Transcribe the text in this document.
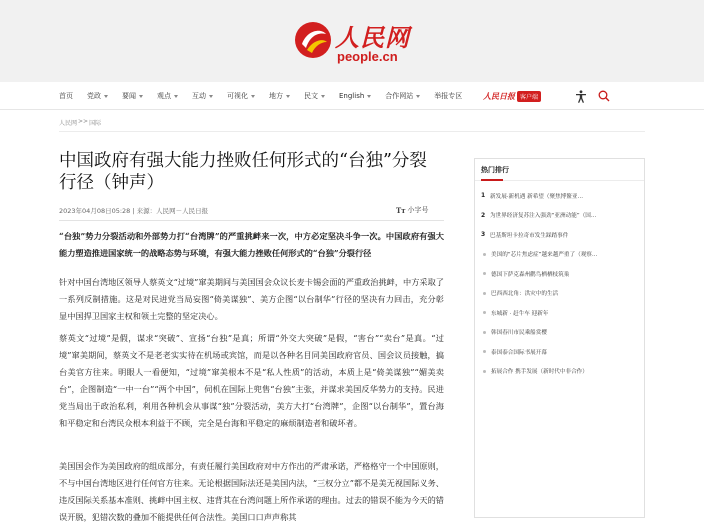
人民网
people.cn
首页 党政	要闻	观点	互动	可视化	地方	民文	English	合作网站	举报专区	人民日报 客户端
人民网 >> 国际
中国政府有强大能力挫败任何形式的“台独”分裂行径（钟声）
2023年04月08日05:28 | 来源：人民网－人民日报	Tт 小字号

“台独”势力分裂活动和外部势力打“台湾牌”的严重挑衅来一次，中方必定坚决斗争一次。中国政府有强大能力塑造推进国家统一的战略态势与环境，有强大能力挫败任何形式的“台独”分裂行径

针对中国台湾地区领导人蔡英文“过境”窜美期间与美国国会众议长麦卡锡会面的严重政治挑衅，中方采取了一系列反制措施。这是对民进党当局妄图“倚美谋独”、美方企图“以台制华”行径的坚决有力回击，充分彰显中国捍卫国家主权和领土完整的坚定决心。

蔡英文“过境”是假，谋求“突破”、宣扬“台独”是真；所谓“外交大突破”是假，“害台”“卖台”是真。“过境”窜美期间，蔡英文不是老老实实待在机场或宾馆，而是以各种名目同美国政府官员、国会议员接触，搞台美官方往来。明眼人一看便知，“过境”窜美根本不是“私人性质”的活动，本质上是“倚美谋独”“媚美卖台”，企图制造“一中一台”“两个中国”，伺机在国际上兜售“台独”主张，并谋求美国反华势力的支持。民进党当局出于政治私利，利用各种机会从事谋“独”分裂活动，美方大打“台湾牌”，企图“以台制华”，置台海和平稳定和台湾民众根本利益于不顾，完全是台海和平稳定的麻烦制造者和破坏者。

美国国会作为美国政府的组成部分，有责任履行美国政府对中方作出的严肃承诺，严格格守一个中国原则，不与中国台湾地区进行任何官方往来。无论根据国际法还是美国内法，“三权分立”都不是美无视国际义务、违反国际关系基本准则、挑衅中国主权、违背其在台湾问题上所作承诺的理由。过去的错误不能为今天的错误开脱，犯错次数的叠加不能提供任何合法性。美国口口声声称其

热门排行
1 新发展·新机遇 新希望（聚焦博鳌亚…
2 为世界经济复苏注入强劲“亚洲动能”（国…
3 巴基斯坦卡拉奇市发生踩踏事件
美国的“芯片焦虑症”越来越严重了（观察…
德国下萨克森州鹳鸟栖栖枝筑巢
巴西西北角：洪灾中的生活
东城新 · 赶牛车 迎新年
韩国春川市民乘船赏樱
泰国泰合国际书展开幕
拓展合作 携手发展（新时代中非合作）
